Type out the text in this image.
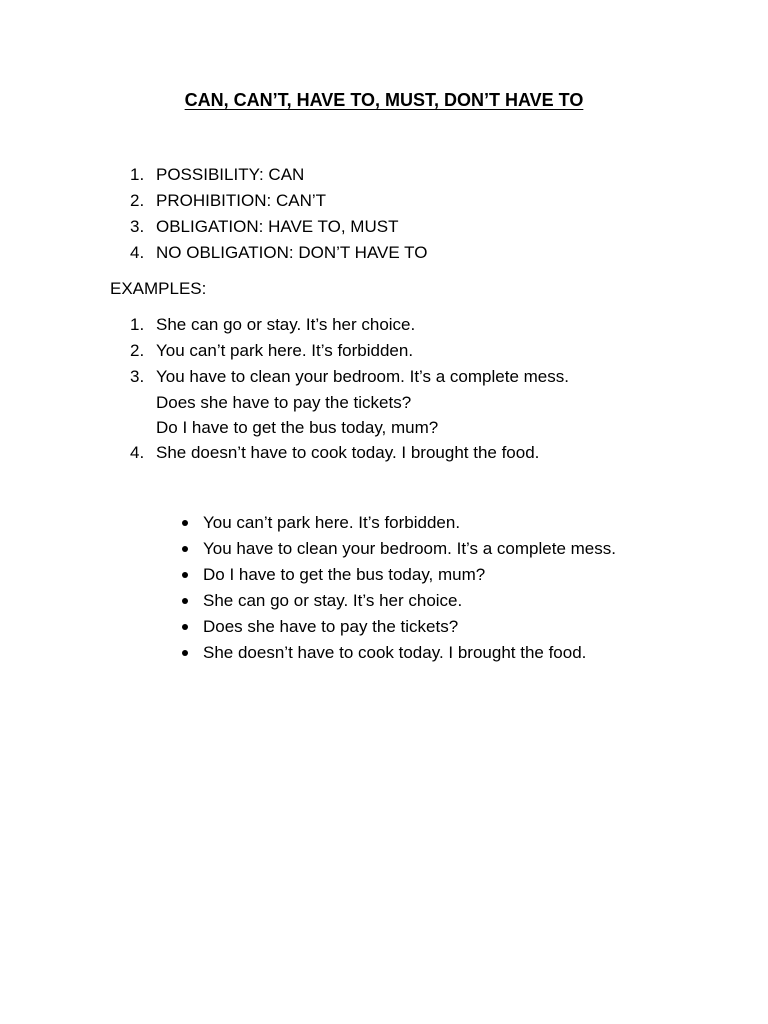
CAN, CAN’T, HAVE TO, MUST, DON’T HAVE TO
1. POSSIBILITY: CAN
2. PROHIBITION: CAN’T
3. OBLIGATION: HAVE TO, MUST
4. NO OBLIGATION: DON’T HAVE TO
EXAMPLES:
1. She can go or stay. It’s her choice.
2. You can’t park here. It’s forbidden.
3. You have to clean your bedroom. It’s a complete mess.
Does she have to pay the tickets?
Do I have to get the bus today, mum?
4. She doesn’t have to cook today. I brought the food.
You can’t park here. It’s forbidden.
You have to clean your bedroom. It’s a complete mess.
Do I have to get the bus today, mum?
She can go or stay. It’s her choice.
Does she have to pay the tickets?
She doesn’t have to cook today. I brought the food.
